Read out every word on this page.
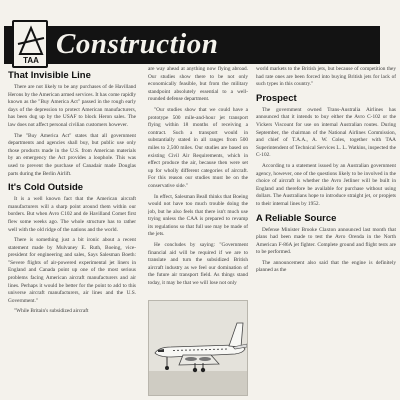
TAA
Construction
That Invisible Line

There are not likely to be any purchases of de Havilland Herons by the American armed services. It has come rapidly known as the "Buy America Act" passed in the rough early days of the depression to protect American manufacturers, has been dug up by the USAF to block Heron sales. The law does not affect personal civilian customers however.

The "Buy America Act" states that all government departments and agencies shall buy, but public use only those products made in the U.S. from American materials by an emergency the Act provides a loophole. This was used to prevent the purchase of Canadair made Douglas parts during the Berlin Airlift.

It's Cold Outside

It is a well known fact that the American aircraft manufacturers will a sharp point around them within our borders. But when Avro C102 and de Havilland Comet first flew some weeks ago. The whole structure has to rather well with the old ridge of the nations and the world.

There is something just a bit ironic about a recent statement made by Mulvaney E. Ruth, Boeing, vice-president for engineering and sales, Says Salesman Boeth: "Severe flights of air-powered experimental jet liners in England and Canada point up one of the most serious problems facing American aircraft manufacturers and air lines. Perhaps it would be better for the point to add to this universe aircraft manufacturers, air lines and the U.S. Government."

"While Britain's subsidized aircraft

are way ahead at anything now flying abroad. Our studies show there to be not only economically feasible, but from the military standpoint absolutely essential to a well-rounded defense department.

"Our studies show that we could have a prototype 500 mile-and-hour jet transport flying within 18 months of receiving a contract. Such a transport would in substantially stated in all ranges from 500 miles to 2,500 miles. Our studies are based on existing Civil Air Requirements, which in effect produce the air, because then were set up for wholly different categories of aircraft. For this reason our studies must be on the conservative side."

In effect, Salesman Beall thinks that Boeing would not have too much trouble doing the job, but he also feels that there isn't much use trying unless the CAA is prepared to revamp its regulations so that full use may be made of the jets.

He concludes by saying: "Government financial aid will be required if we are to translate and turn the subsidized British aircraft industry as we feel our domination of the future air transport field. As things stand today, it may be that we will lose not only

world markets to the British jets, but because of competition they had rate ones are been forced into buying British jets for lack of such types in this country."

Prospect

The government owned Trans-Australia Airlines has announced that it intends to buy either the Avro C-102 or the Vickers Viscount for use on internal Australian routes. During September, the chairman of the National Airlines Commission, and chief of T.A.A., A. W. Coles, together with TAA Superintendent of Technical Services L. L. Watkins, inspected the C-102.

According to a statement issued by an Australian government agency, however, one of the questions likely to be involved in the choice of aircraft is whether the Avro Jetliner will be built in England and therefore be available for purchase without using dollars. The Australians hope to introduce straight jet, or propjets to their internal lines by 1952.

A Reliable Source

Defense Minister Brooke Claxton announced last month that plans had been made to test the Avro Orenda in the North American F-86A jet fighter. Complete ground and flight tests are to be performed.

The announcement also said that the engine is definitely planned as the
